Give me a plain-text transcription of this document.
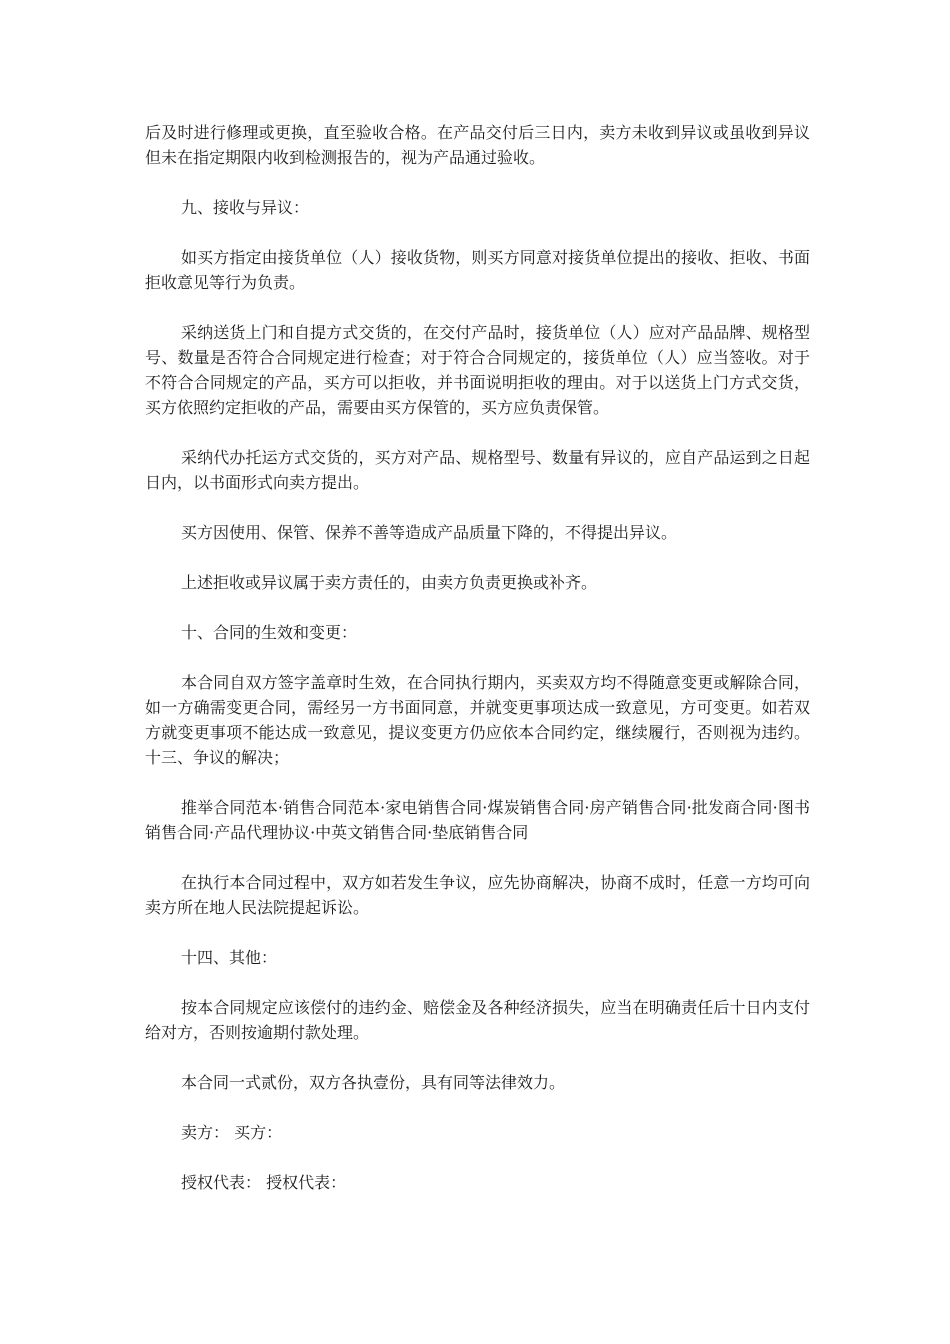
后及时进行修理或更换，直至验收合格。在产品交付后三日内，卖方未收到异议或虽收到异议但未在指定期限内收到检测报告的，视为产品通过验收。

九、接收与异议：

如买方指定由接货单位（人）接收货物，则买方同意对接货单位提出的接收、拒收、书面拒收意见等行为负责。

采纳送货上门和自提方式交货的，在交付产品时，接货单位（人）应对产品品牌、规格型号、数量是否符合合同规定进行检查；对于符合合同规定的，接货单位（人）应当签收。对于不符合合同规定的产品，买方可以拒收，并书面说明拒收的理由。对于以送货上门方式交货，买方依照约定拒收的产品，需要由买方保管的，买方应负责保管。

采纳代办托运方式交货的，买方对产品、规格型号、数量有异议的，应自产品运到之日起日内，以书面形式向卖方提出。

买方因使用、保管、保养不善等造成产品质量下降的，不得提出异议。

上述拒收或异议属于卖方责任的，由卖方负责更换或补齐。

十、合同的生效和变更：

本合同自双方签字盖章时生效，在合同执行期内，买卖双方均不得随意变更或解除合同，如一方确需变更合同，需经另一方书面同意，并就变更事项达成一致意见，方可变更。如若双方就变更事项不能达成一致意见，提议变更方仍应依本合同约定，继续履行，否则视为违约。十三、争议的解决；

推举合同范本·销售合同范本·家电销售合同·煤炭销售合同·房产销售合同·批发商合同·图书销售合同·产品代理协议·中英文销售合同·垫底销售合同

在执行本合同过程中，双方如若发生争议，应先协商解决，协商不成时，任意一方均可向卖方所在地人民法院提起诉讼。

十四、其他：

按本合同规定应该偿付的违约金、赔偿金及各种经济损失，应当在明确责任后十日内支付给对方，否则按逾期付款处理。

本合同一式贰份，双方各执壹份，具有同等法律效力。

卖方： 买方：

授权代表： 授权代表：
